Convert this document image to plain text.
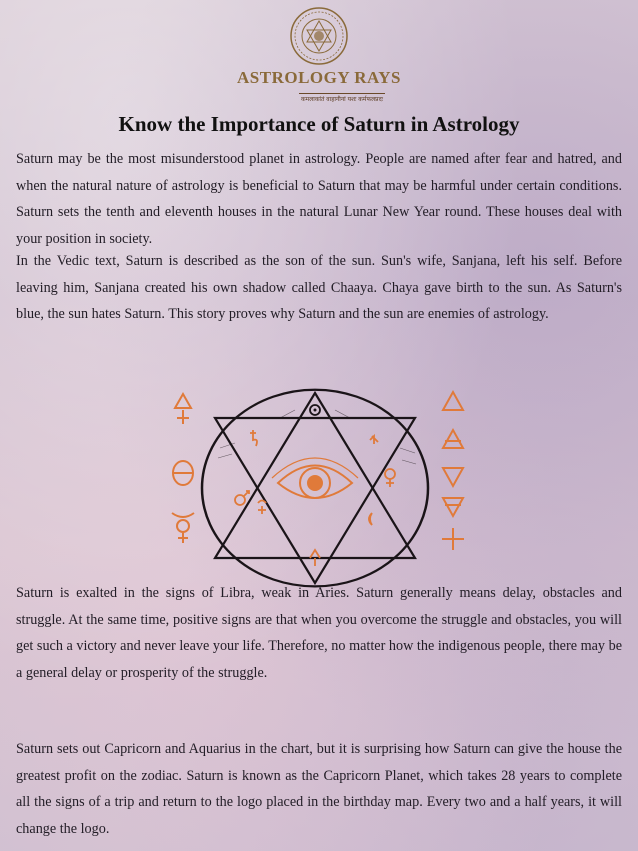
ASTROLOGY RAYS
कमलाकांतं वाहानीनां यशः कर्मफलप्रदः
Know the Importance of Saturn in Astrology

Saturn may be the most misunderstood planet in astrology. People are named after fear and hatred, and when the natural nature of astrology is beneficial to Saturn that may be harmful under certain conditions. Saturn sets the tenth and eleventh houses in the natural Lunar New Year round. These houses deal with your position in society.

In the Vedic text, Saturn is described as the son of the sun. Sun's wife, Sanjana, left his self. Before leaving him, Sanjana created his own shadow called Chaaya. Chaya gave birth to the sun. As Saturn's blue, the sun hates Saturn. This story proves why Saturn and the sun are enemies of astrology.

Saturn is exalted in the signs of Libra, weak in Aries. Saturn generally means delay, obstacles and struggle. At the same time, positive signs are that when you overcome the struggle and obstacles, you will get such a victory and never leave your life. Therefore, no matter how the indigenous people, there may be a general delay or prosperity of the struggle.

Saturn sets out Capricorn and Aquarius in the chart, but it is surprising how Saturn can give the house the greatest profit on the zodiac. Saturn is known as the Capricorn Planet, which takes 28 years to complete all the signs of a trip and return to the logo placed in the birthday map. Every two and a half years, it will change the logo.
